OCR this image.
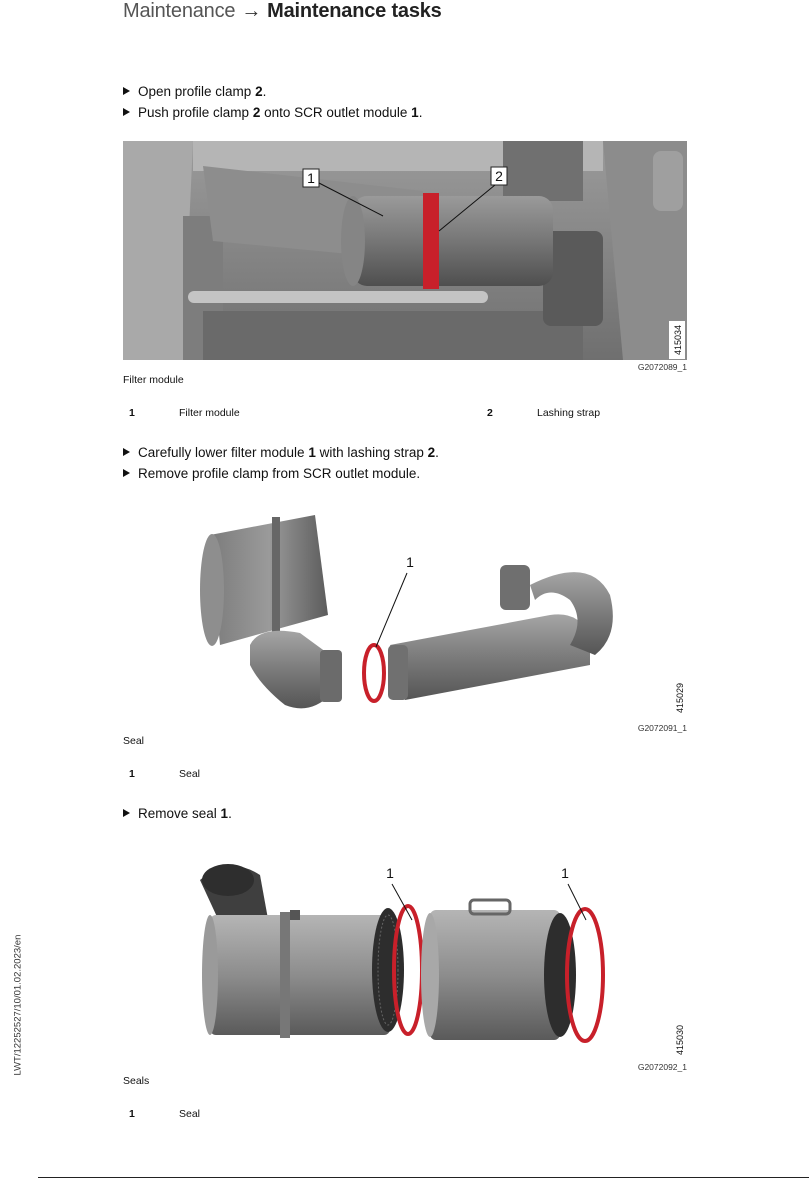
Maintenance → Maintenance tasks
Open profile clamp 2.
Push profile clamp 2 onto SCR outlet module 1.
1	2
415034
G2072089_1
Filter module
1	Filter module	2	Lashing strap
Carefully lower filter module 1 with lashing strap 2.
Remove profile clamp from SCR outlet module.
1
415029
G2072091_1
Seal
1	Seal
Remove seal 1.
1	1
415030
G2072092_1
Seals
1	Seal
LWT/12252527/10/01.02.2023/en
